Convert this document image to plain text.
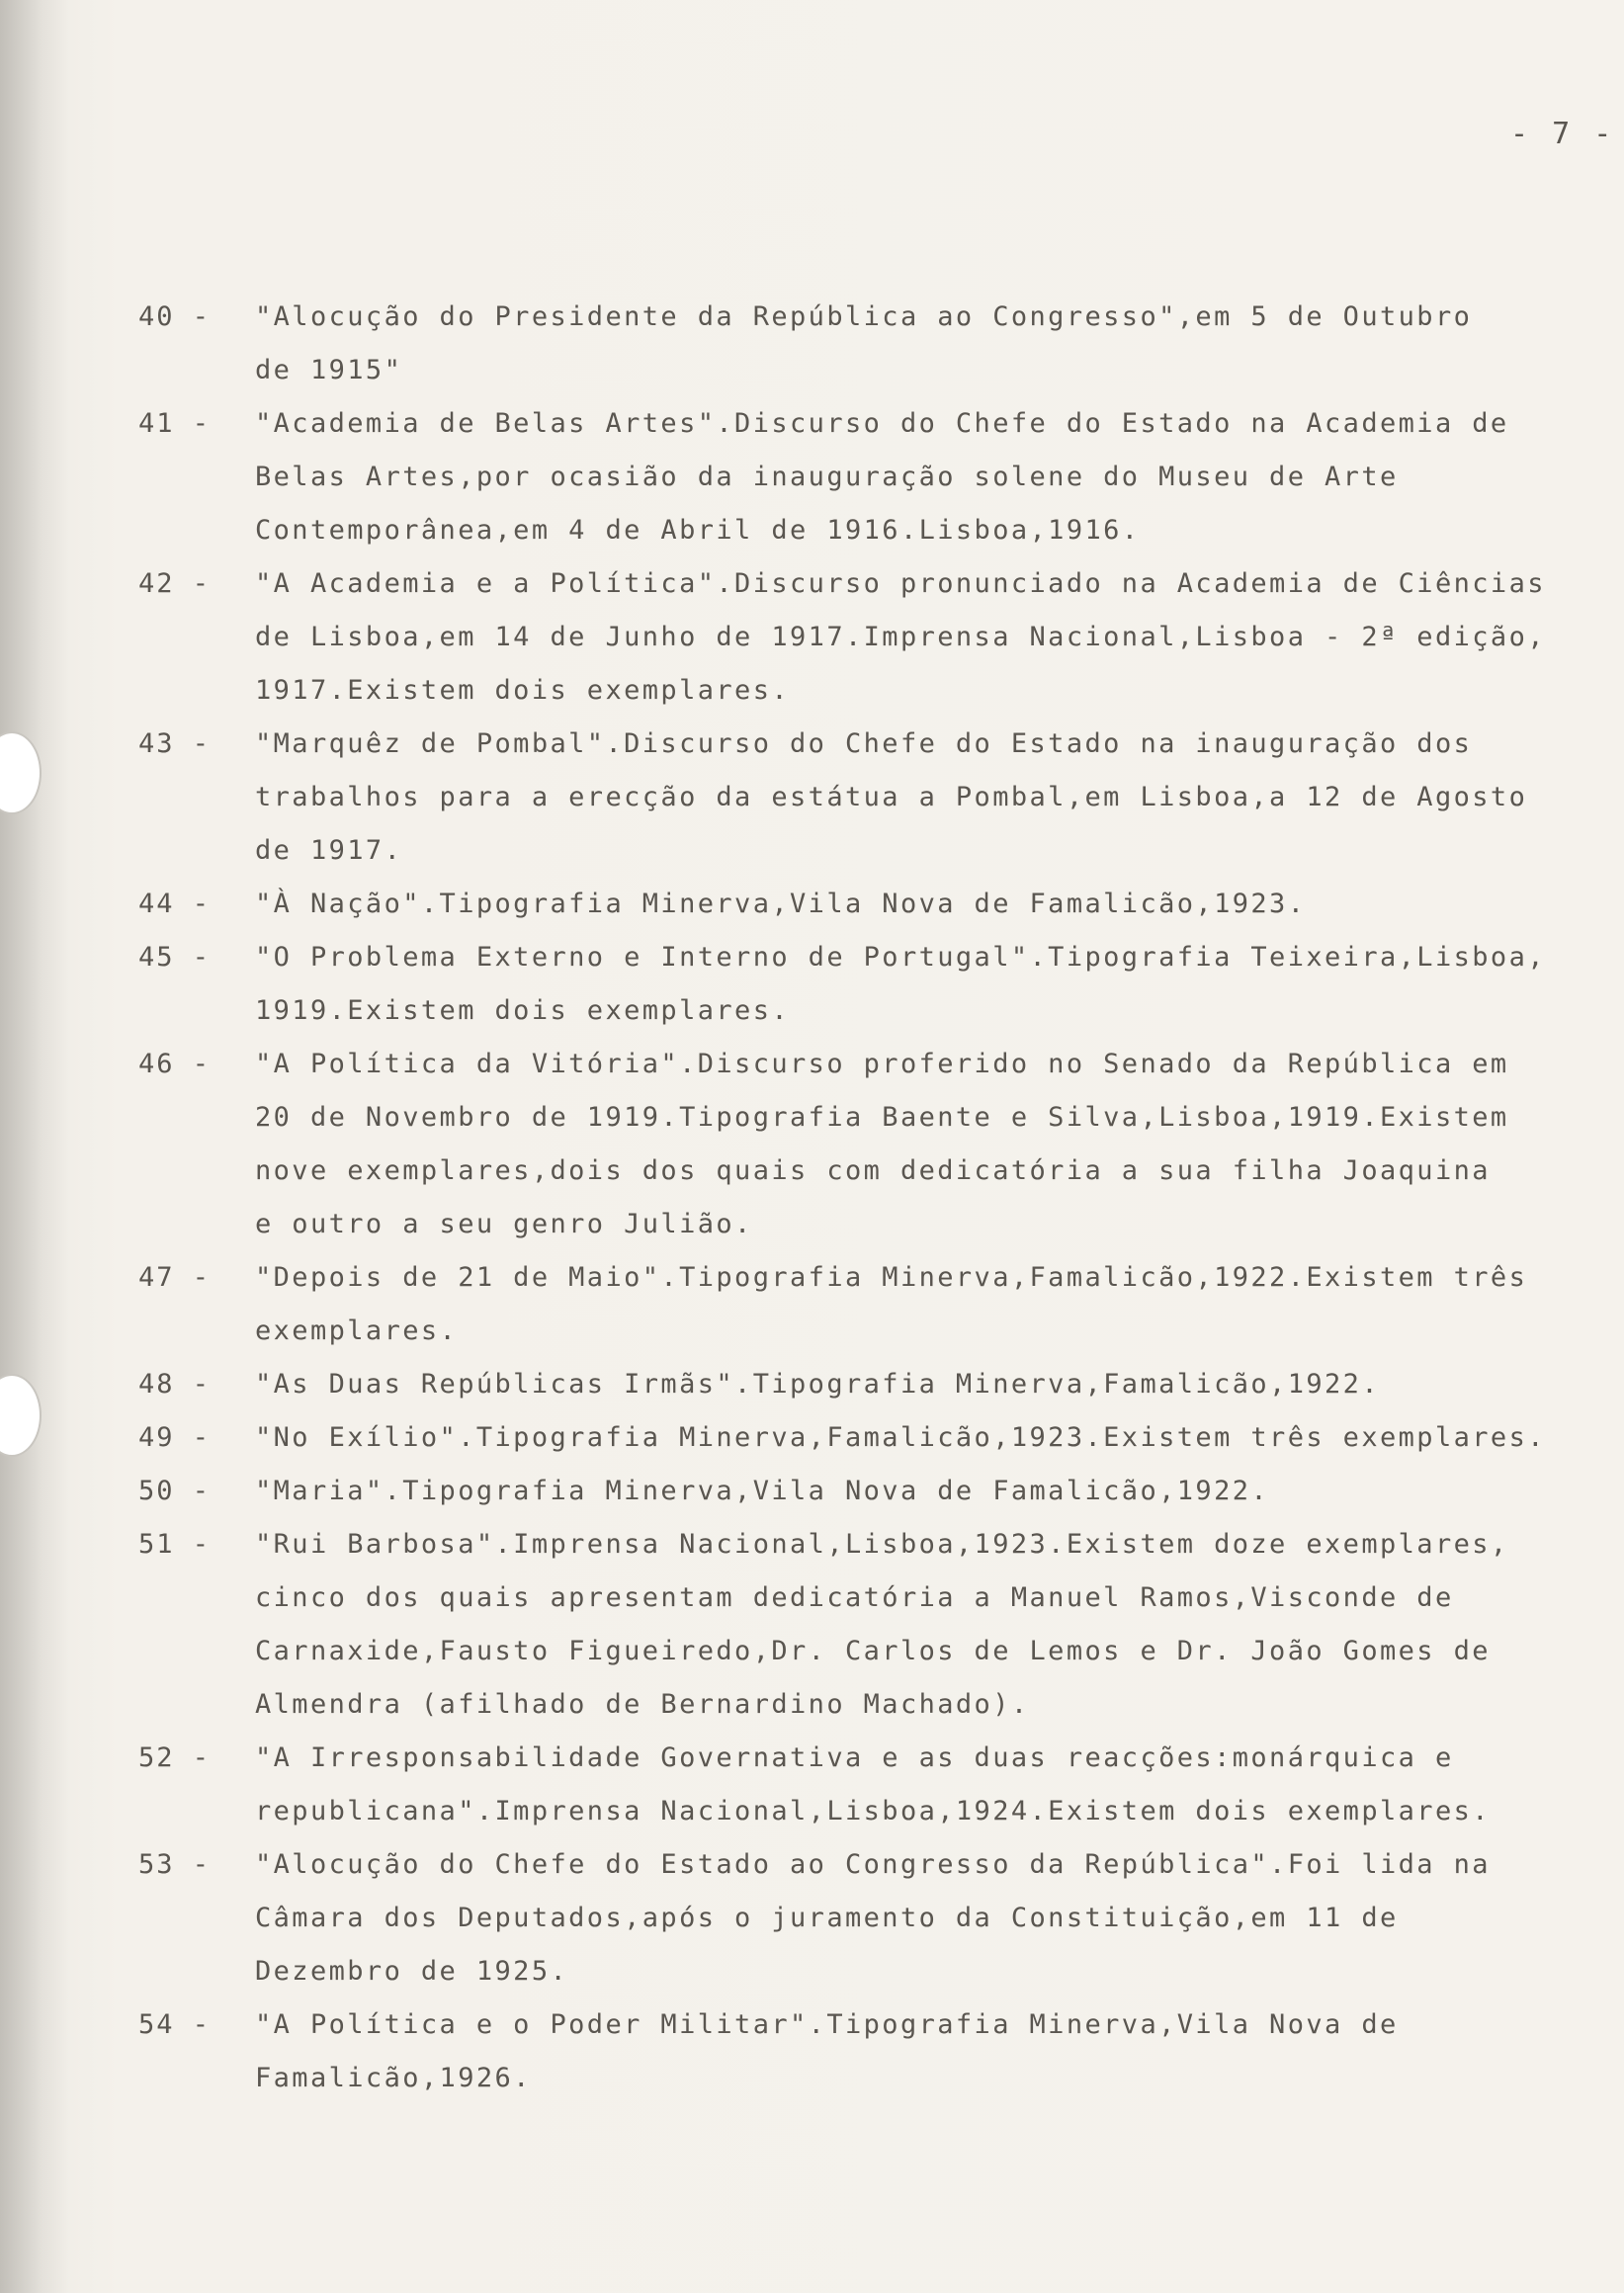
- 7 -
40 -	"Alocução do Presidente da República ao Congresso",em 5 de Outubro
de 1915"
41 -	"Academia de Belas Artes".Discurso do Chefe do Estado na Academia de
Belas Artes,por ocasião da inauguração solene do Museu de Arte
Contemporânea,em 4 de Abril de 1916.Lisboa,1916.
42 -	"A Academia e a Política".Discurso pronunciado na Academia de Ciências
de Lisboa,em 14 de Junho de 1917.Imprensa Nacional,Lisboa - 2ª edição,
1917.Existem dois exemplares.
43 -	"Marquêz de Pombal".Discurso do Chefe do Estado na inauguração dos
trabalhos para a erecção da estátua a Pombal,em Lisboa,a 12 de Agosto
de 1917.
44 -	"À Nação".Tipografia Minerva,Vila Nova de Famalicão,1923.
45 -	"O Problema Externo e Interno de Portugal".Tipografia Teixeira,Lisboa,
1919.Existem dois exemplares.
46 -	"A Política da Vitória".Discurso proferido no Senado da República em
20 de Novembro de 1919.Tipografia Baente e Silva,Lisboa,1919.Existem
nove exemplares,dois dos quais com dedicatória a sua filha Joaquina
e outro a seu genro Julião.
47 -	"Depois de 21 de Maio".Tipografia Minerva,Famalicão,1922.Existem três
exemplares.
48 -	"As Duas Repúblicas Irmãs".Tipografia Minerva,Famalicão,1922.
49 -	"No Exílio".Tipografia Minerva,Famalicão,1923.Existem três exemplares.
50 -	"Maria".Tipografia Minerva,Vila Nova de Famalicão,1922.
51 -	"Rui Barbosa".Imprensa Nacional,Lisboa,1923.Existem doze exemplares,
cinco dos quais apresentam dedicatória a Manuel Ramos,Visconde de
Carnaxide,Fausto Figueiredo,Dr. Carlos de Lemos e Dr. João Gomes de
Almendra (afilhado de Bernardino Machado).
52 -	"A Irresponsabilidade Governativa e as duas reacções:monárquica e
republicana".Imprensa Nacional,Lisboa,1924.Existem dois exemplares.
53 -	"Alocução do Chefe do Estado ao Congresso da República".Foi lida na
Câmara dos Deputados,após o juramento da Constituição,em 11 de
Dezembro de 1925.
54 -	"A Política e o Poder Militar".Tipografia Minerva,Vila Nova de
Famalicão,1926.
